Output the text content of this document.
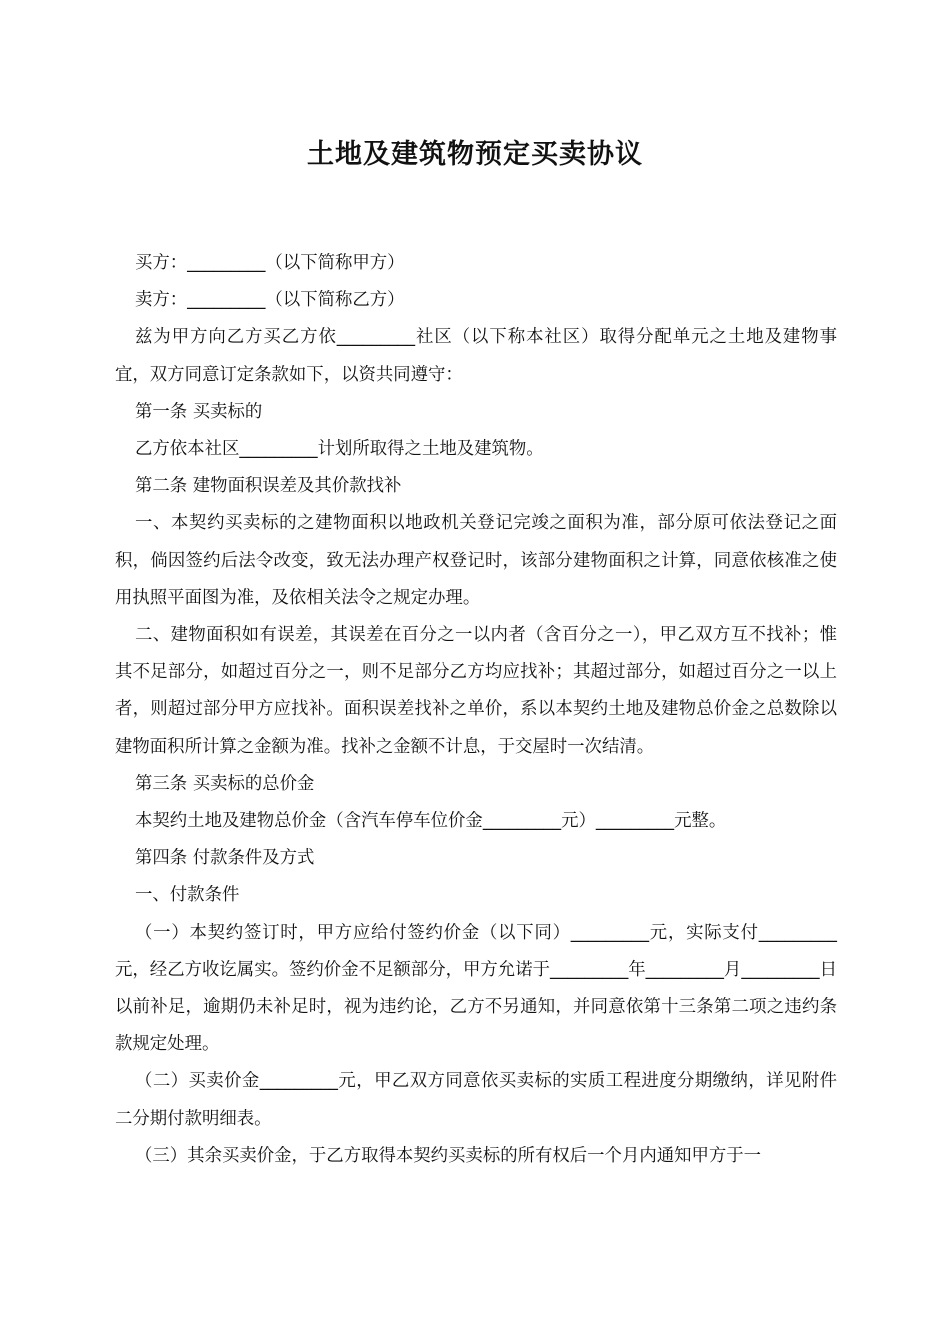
土地及建筑物预定买卖协议

买方：_________（以下简称甲方）

卖方：_________（以下简称乙方）

兹为甲方向乙方买乙方依_________社区（以下称本社区）取得分配单元之土地及建物事宜，双方同意订定条款如下，以资共同遵守：

第一条 买卖标的

乙方依本社区_________计划所取得之土地及建筑物。

第二条 建物面积误差及其价款找补

一、本契约买卖标的之建物面积以地政机关登记完竣之面积为准，部分原可依法登记之面积，倘因签约后法令改变，致无法办理产权登记时，该部分建物面积之计算，同意依核准之使用执照平面图为准，及依相关法令之规定办理。

二、建物面积如有误差，其误差在百分之一以内者（含百分之一），甲乙双方互不找补；惟其不足部分，如超过百分之一，则不足部分乙方均应找补；其超过部分，如超过百分之一以上者，则超过部分甲方应找补。面积误差找补之单价，系以本契约土地及建物总价金之总数除以建物面积所计算之金额为准。找补之金额不计息，于交屋时一次结清。

第三条 买卖标的总价金

本契约土地及建物总价金（含汽车停车位价金_________元）_________元整。

第四条 付款条件及方式

一、付款条件

（一）本契约签订时，甲方应给付签约价金（以下同）_________元，实际支付_________元，经乙方收讫属实。签约价金不足额部分，甲方允诺于_________年_________月_________日以前补足，逾期仍未补足时，视为违约论，乙方不另通知，并同意依第十三条第二项之违约条款规定处理。

（二）买卖价金_________元，甲乙双方同意依买卖标的实质工程进度分期缴纳，详见附件二分期付款明细表。

（三）其余买卖价金，于乙方取得本契约买卖标的所有权后一个月内通知甲方于一
